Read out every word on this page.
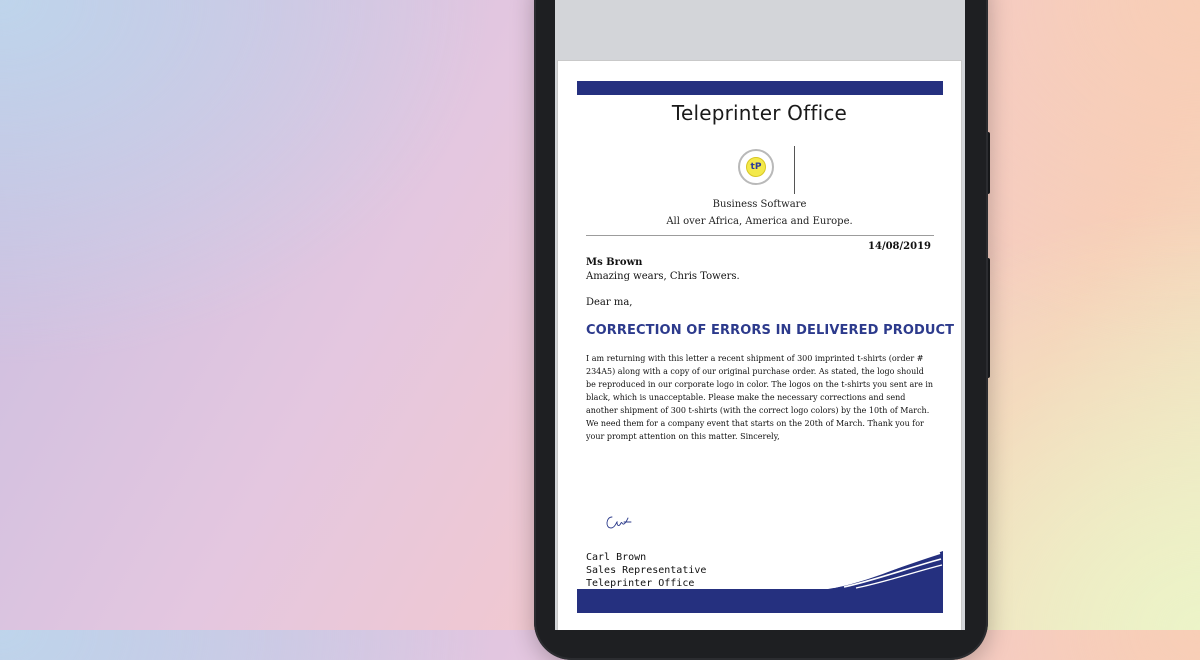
Teleprinter Office
tP
Business Software
All over Africa, America and Europe.
14/08/2019
Ms Brown
Amazing wears, Chris Towers.
Dear ma,
CORRECTION OF ERRORS IN DELIVERED PRODUCT
I am returning with this letter a recent shipment of 300 imprinted t-shirts (order # 234A5) along with a copy of our original purchase order. As stated, the logo should be reproduced in our corporate logo in color. The logos on the t-shirts you sent are in black, which is unacceptable. Please make the necessary corrections and send another shipment of 300 t-shirts (with the correct logo colors) by the 10th of March. We need them for a company event that starts on the 20th of March. Thank you for your prompt attention on this matter. Sincerely,
Carl Brown
Sales Representative
Teleprinter Office
